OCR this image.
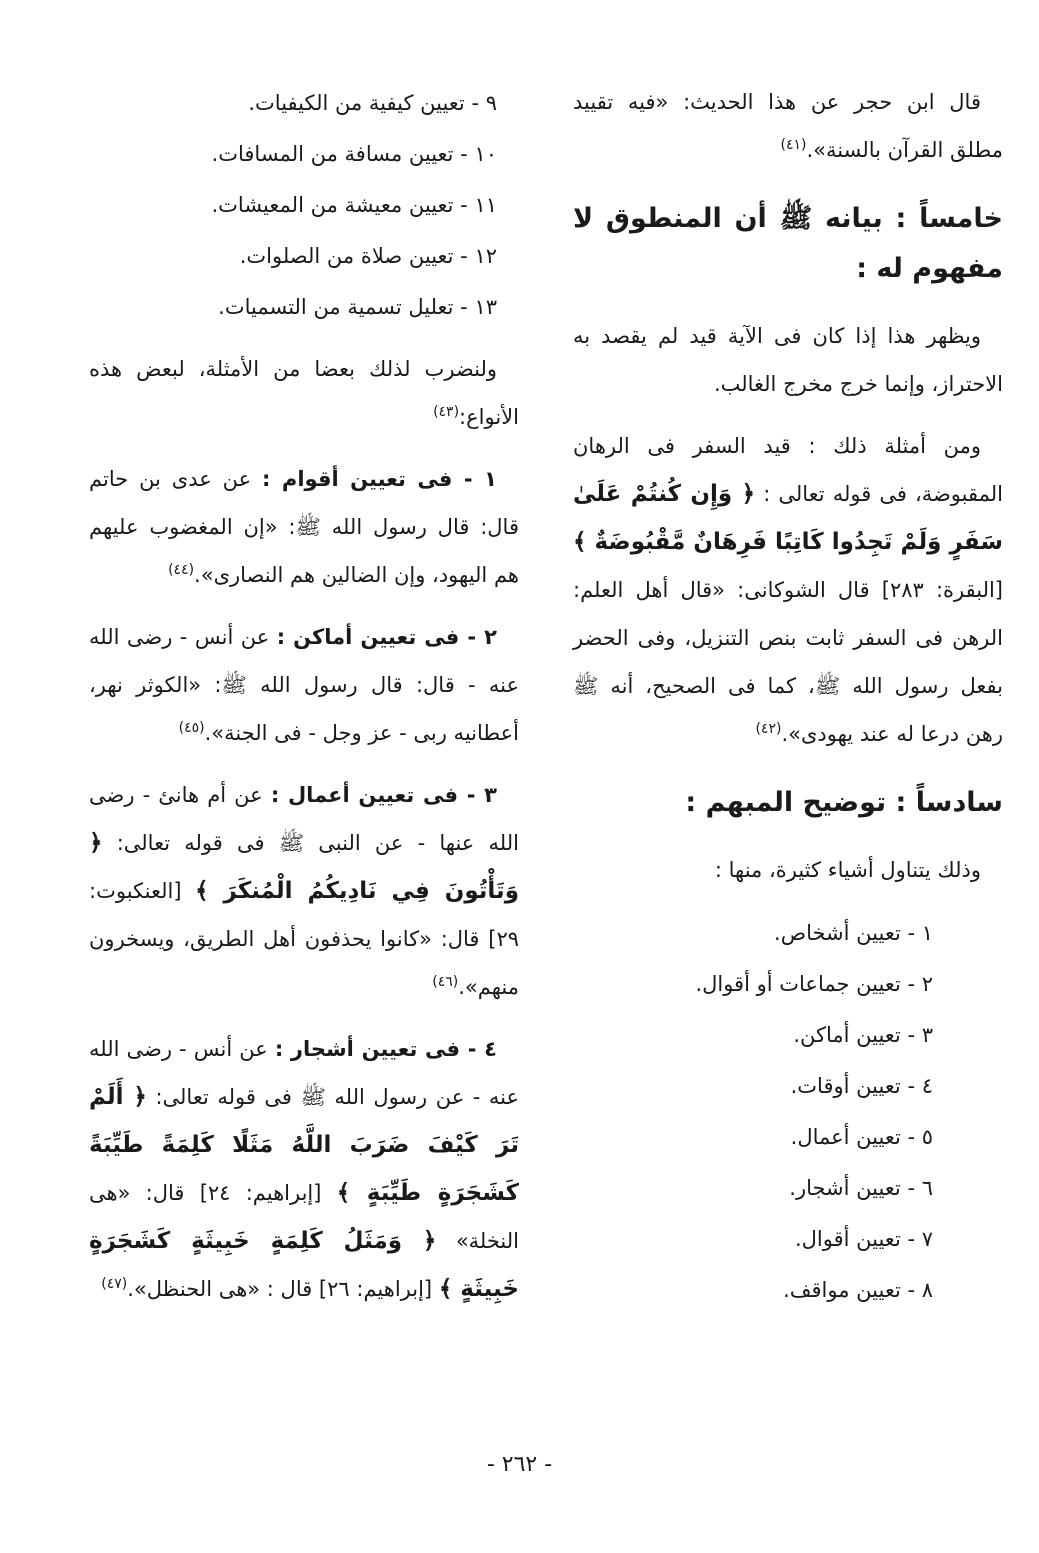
قال ابن حجر عن هذا الحديث: «فيه تقييد مطلق القرآن بالسنة».$^{(٤١)}$

خامساً : بيانه ﷺ أن المنطوق لا مفهوم له :

ويظهر هذا إذا كان فى الآية قيد لم يقصد به الاحتراز، وإنما خرج مخرج الغالب.

ومن أمثلة ذلك : قيد السفر فى الرهان المقبوضة، فى قوله تعالى : ﴿ وَإِن كُنتُمْ عَلَىٰ سَفَرٍ وَلَمْ تَجِدُوا كَاتِبًا فَرِهَانٌ مَّقْبُوضَةٌ ﴾ [البقرة: ٢٨٣] قال الشوكانى: «قال أهل العلم: الرهن فى السفر ثابت بنص التنزيل، وفى الحضر بفعل رسول الله ﷺ، كما فى الصحيح، أنه ﷺ رهن درعا له عند يهودى».$^{(٤٢)}$

سادساً : توضيح المبهم :

وذلك يتناول أشياء كثيرة، منها :

١ - تعيين أشخاص.
٢ - تعيين جماعات أو أقوال.
٣ - تعيين أماكن.
٤ - تعيين أوقات.
٥ - تعيين أعمال.
٦ - تعيين أشجار.
٧ - تعيين أقوال.
٨ - تعيين مواقف.
٩ - تعيين كيفية من الكيفيات.
١٠ - تعيين مسافة من المسافات.
١١ - تعيين معيشة من المعيشات.
١٢ - تعيين صلاة من الصلوات.
١٣ - تعليل تسمية من التسميات.

ولنضرب لذلك بعضا من الأمثلة، لبعض هذه الأنواع:$^{(٤٣)}$

١ - فى تعيين أقوام : عن عدى بن حاتم قال: قال رسول الله ﷺ: «إن المغضوب عليهم هم اليهود، وإن الضالين هم النصارى».$^{(٤٤)}$

٢ - فى تعيين أماكن : عن أنس - رضى الله عنه - قال: قال رسول الله ﷺ: «الكوثر نهر، أعطانيه ربى - عز وجل - فى الجنة».$^{(٤٥)}$

٣ - فى تعيين أعمال : عن أم هانئ - رضى الله عنها - عن النبى ﷺ فى قوله تعالى: ﴿ وَتَأْتُونَ فِي نَادِيكُمُ الْمُنكَرَ ﴾ [العنكبوت: ٢٩] قال: «كانوا يحذفون أهل الطريق، ويسخرون منهم».$^{(٤٦)}$

٤ - فى تعيين أشجار : عن أنس - رضى الله عنه - عن رسول الله ﷺ فى قوله تعالى: ﴿ أَلَمْ تَرَ كَيْفَ ضَرَبَ اللَّهُ مَثَلًا كَلِمَةً طَيِّبَةً كَشَجَرَةٍ طَيِّبَةٍ ﴾ [إبراهيم: ٢٤] قال: «هى النخلة» ﴿ وَمَثَلُ كَلِمَةٍ خَبِيثَةٍ كَشَجَرَةٍ خَبِيثَةٍ ﴾ [إبراهيم: ٢٦] قال : «هى الحنظل».$^{(٤٧)}$

- ٢٦٢ -
